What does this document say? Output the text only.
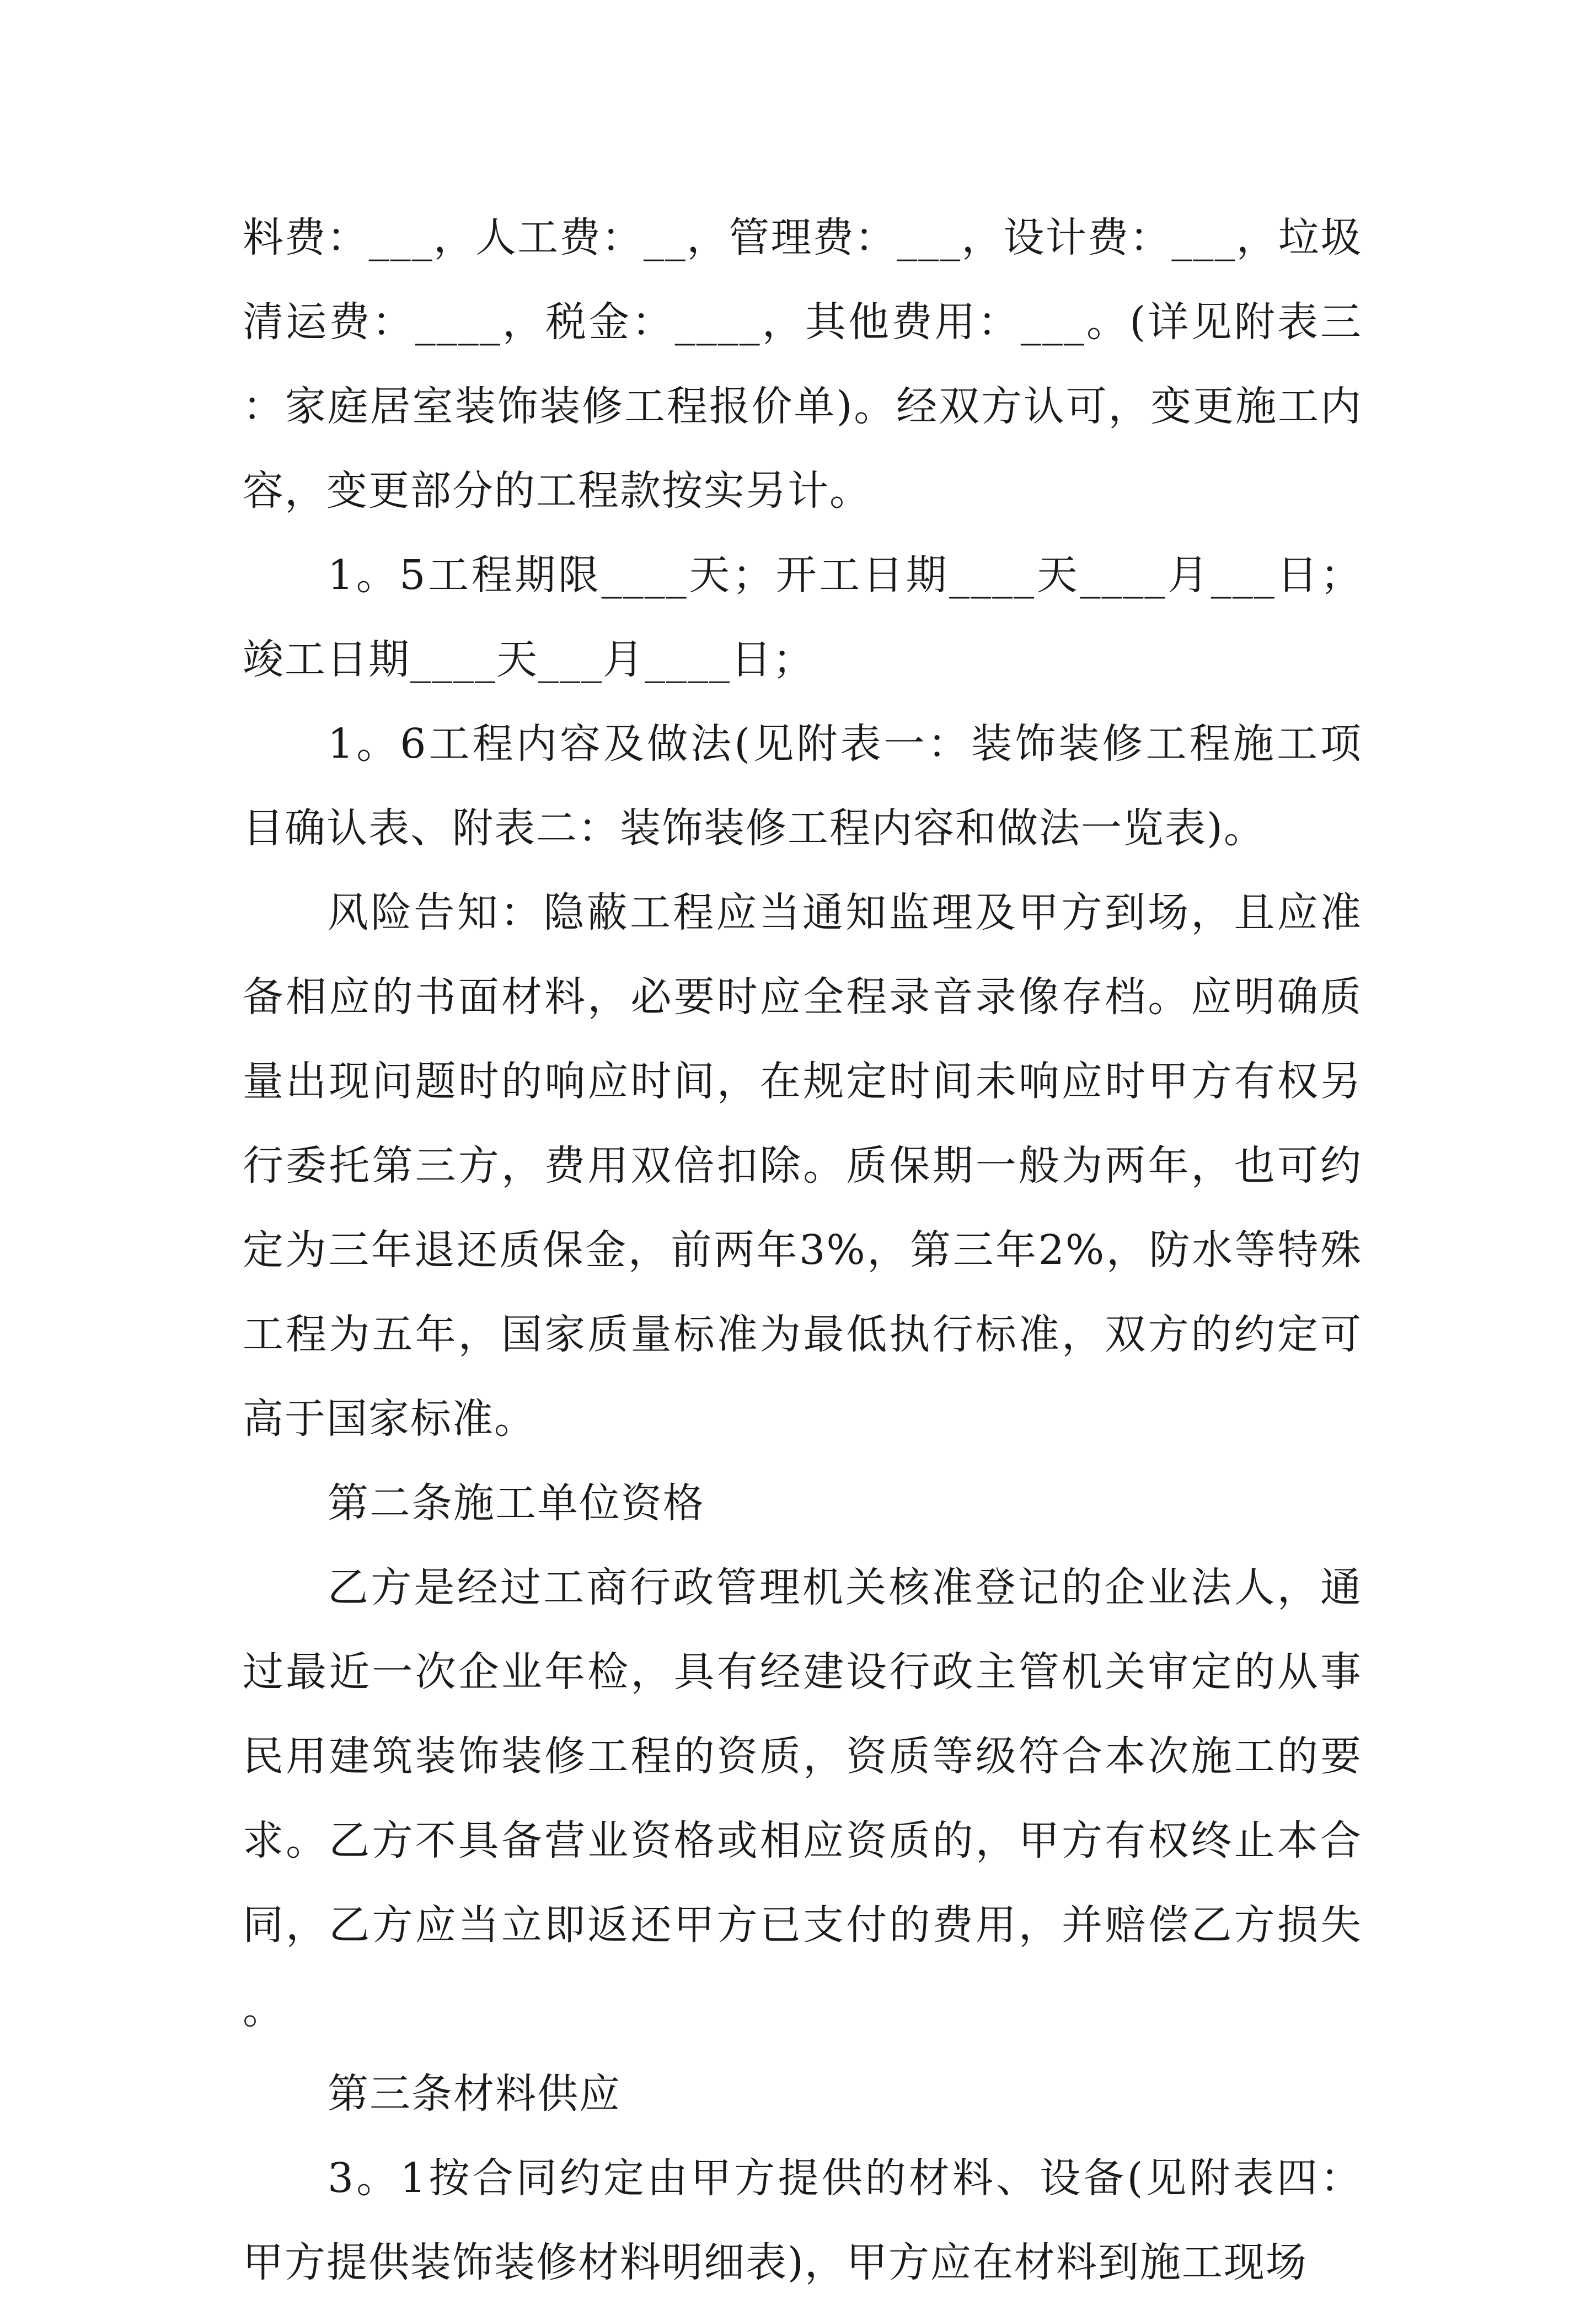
料费：___，人工费：__，管理费：___，设计费：___，垃圾清运费：____，税金：____，其他费用：___。(详见附表三：家庭居室装饰装修工程报价单)。经双方认可，变更施工内容，变更部分的工程款按实另计。

1。5工程期限____天；开工日期____天____月___日；竣工日期____天___月____日；

1。6工程内容及做法(见附表一：装饰装修工程施工项目确认表、附表二：装饰装修工程内容和做法一览表)。

风险告知：隐蔽工程应当通知监理及甲方到场，且应准备相应的书面材料，必要时应全程录音录像存档。应明确质量出现问题时的响应时间，在规定时间未响应时甲方有权另行委托第三方，费用双倍扣除。质保期一般为两年，也可约定为三年退还质保金，前两年3%，第三年2%，防水等特殊工程为五年，国家质量标准为最低执行标准，双方的约定可高于国家标准。

第二条施工单位资格

乙方是经过工商行政管理机关核准登记的企业法人，通过最近一次企业年检，具有经建设行政主管机关审定的从事民用建筑装饰装修工程的资质，资质等级符合本次施工的要求。乙方不具备营业资格或相应资质的，甲方有权终止本合同，乙方应当立即返还甲方已支付的费用，并赔偿乙方损失。

第三条材料供应

3。1按合同约定由甲方提供的材料、设备(见附表四：甲方提供装饰装修材料明细表)，甲方应在材料到施工现场
